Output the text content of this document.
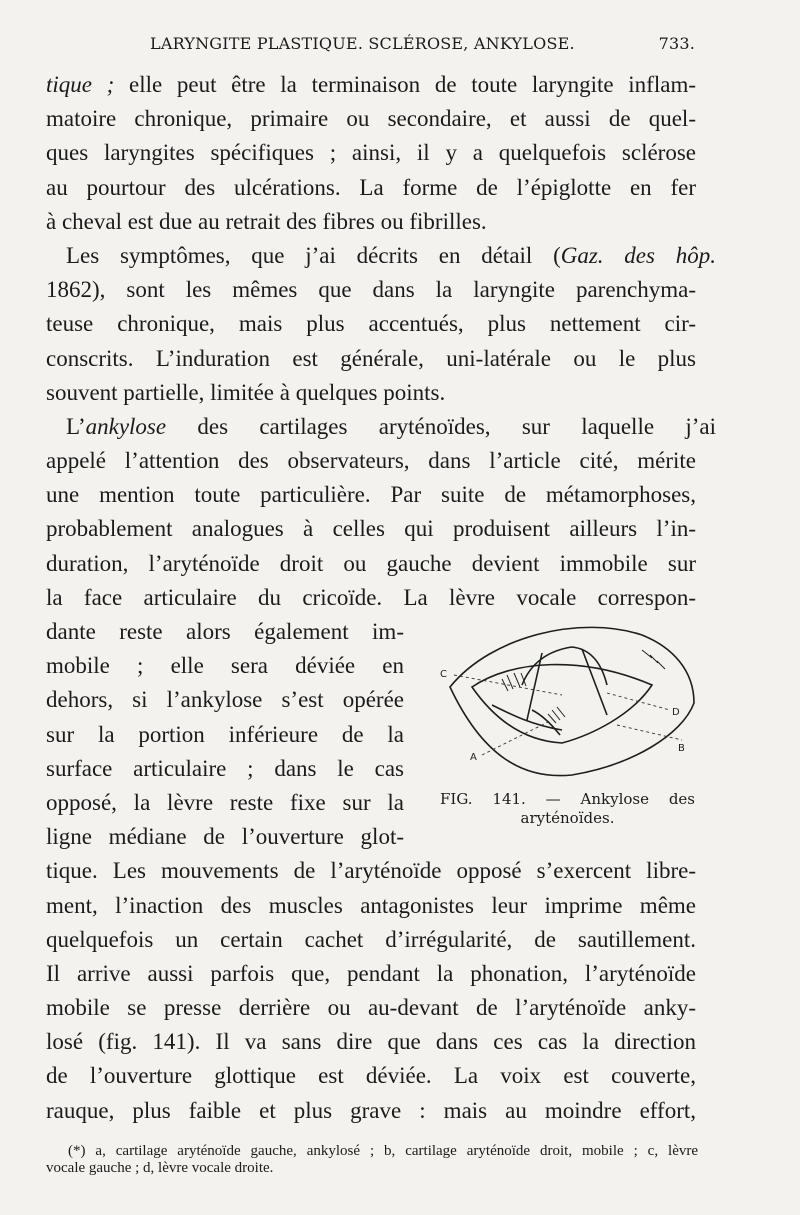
LARYNGITE PLASTIQUE. SCLÉROSE, ANKYLOSE.	733.
tique ; elle peut être la terminaison de toute laryngite inflam-
matoire chronique, primaire ou secondaire, et aussi de quel-
ques laryngites spécifiques ; ainsi, il y a quelquefois sclérose
au pourtour des ulcérations. La forme de l’épiglotte en fer
à cheval est due au retrait des fibres ou fibrilles.
Les symptômes, que j’ai décrits en détail (Gaz. des hôp.
1862), sont les mêmes que dans la laryngite parenchyma-
teuse chronique, mais plus accentués, plus nettement cir-
conscrits. L’induration est générale, uni-latérale ou le plus
souvent partielle, limitée à quelques points.
L’ankylose des cartilages aryténoïdes, sur laquelle j’ai
appelé l’attention des observateurs, dans l’article cité, mérite
une mention toute particulière. Par suite de métamorphoses,
probablement analogues à celles qui produisent ailleurs l’in-
duration, l’aryténoïde droit ou gauche devient immobile sur
la face articulaire du cricoïde. La lèvre vocale correspon-
dante reste alors également im-
mobile ; elle sera déviée en
dehors, si l’ankylose s’est opérée
sur la portion inférieure de la
surface articulaire ; dans le cas
opposé, la lèvre reste fixe sur la
ligne médiane de l’ouverture glot-
tique. Les mouvements de l’aryténoïde opposé s’exercent libre-
ment, l’inaction des muscles antagonistes leur imprime même
quelquefois un certain cachet d’irrégularité, de sautillement.
Il arrive aussi parfois que, pendant la phonation, l’aryténoïde
mobile se presse derrière ou au-devant de l’aryténoïde anky-
losé (fig. 141). Il va sans dire que dans ces cas la direction
de l’ouverture glottique est déviée. La voix est couverte,
rauque, plus faible et plus grave : mais au moindre effort,
C
D
B
A
FIG. 141. — Ankylose des
aryténoïdes.
(*) a, cartilage aryténoïde gauche, ankylosé ; b, cartilage aryténoïde droit, mobile ; c, lèvre
vocale gauche ; d, lèvre vocale droite.
